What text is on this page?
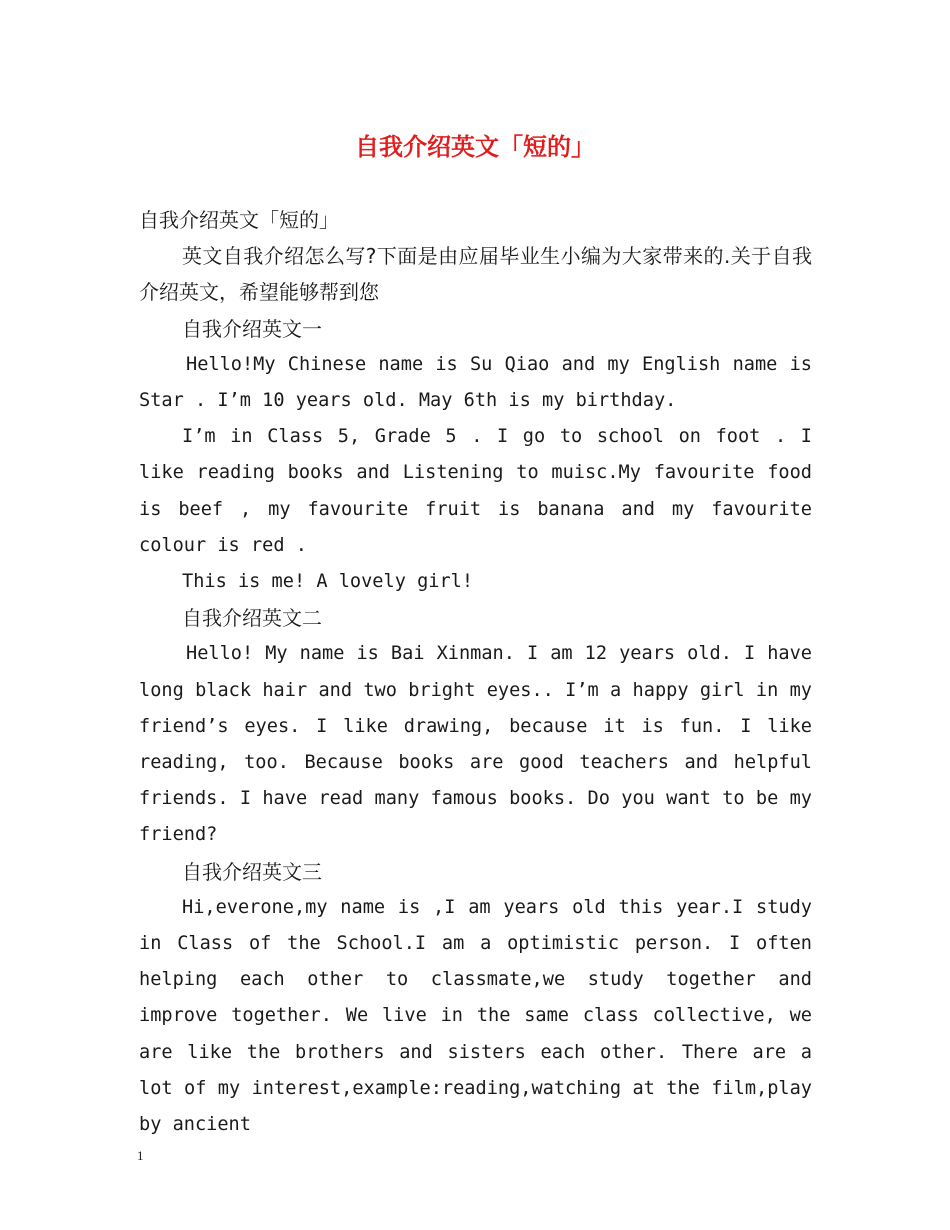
自我介绍英文「短的」

自我介绍英文「短的」

英文自我介绍怎么写?下面是由应届毕业生小编为大家带来的.关于自我介绍英文，希望能够帮到您

自我介绍英文一

Hello!My Chinese name is Su Qiao and my English name is Star . I’m 10 years old. May 6th is my birthday.

I’m in Class 5, Grade 5 . I go to school on foot . I like reading books and Listening to muisc.My favourite food is beef , my favourite fruit is banana and my favourite colour is red .

This is me! A lovely girl!

自我介绍英文二

Hello! My name is Bai Xinman. I am 12 years old. I have long black hair and two bright eyes.. I’m a happy girl in my friend’s eyes. I like drawing, because it is fun. I like reading, too. Because books are good teachers and helpful friends. I have read many famous books. Do you want to be my friend?

自我介绍英文三

Hi,everone,my name is ,I am years old this year.I study in Class of the School.I am a optimistic person. I often helping each other to classmate,we study together and improve together. We live in the same class collective, we are like the brothers and sisters each other. There are a lot of my interest,example:reading,watching at the film,play by ancient

1
